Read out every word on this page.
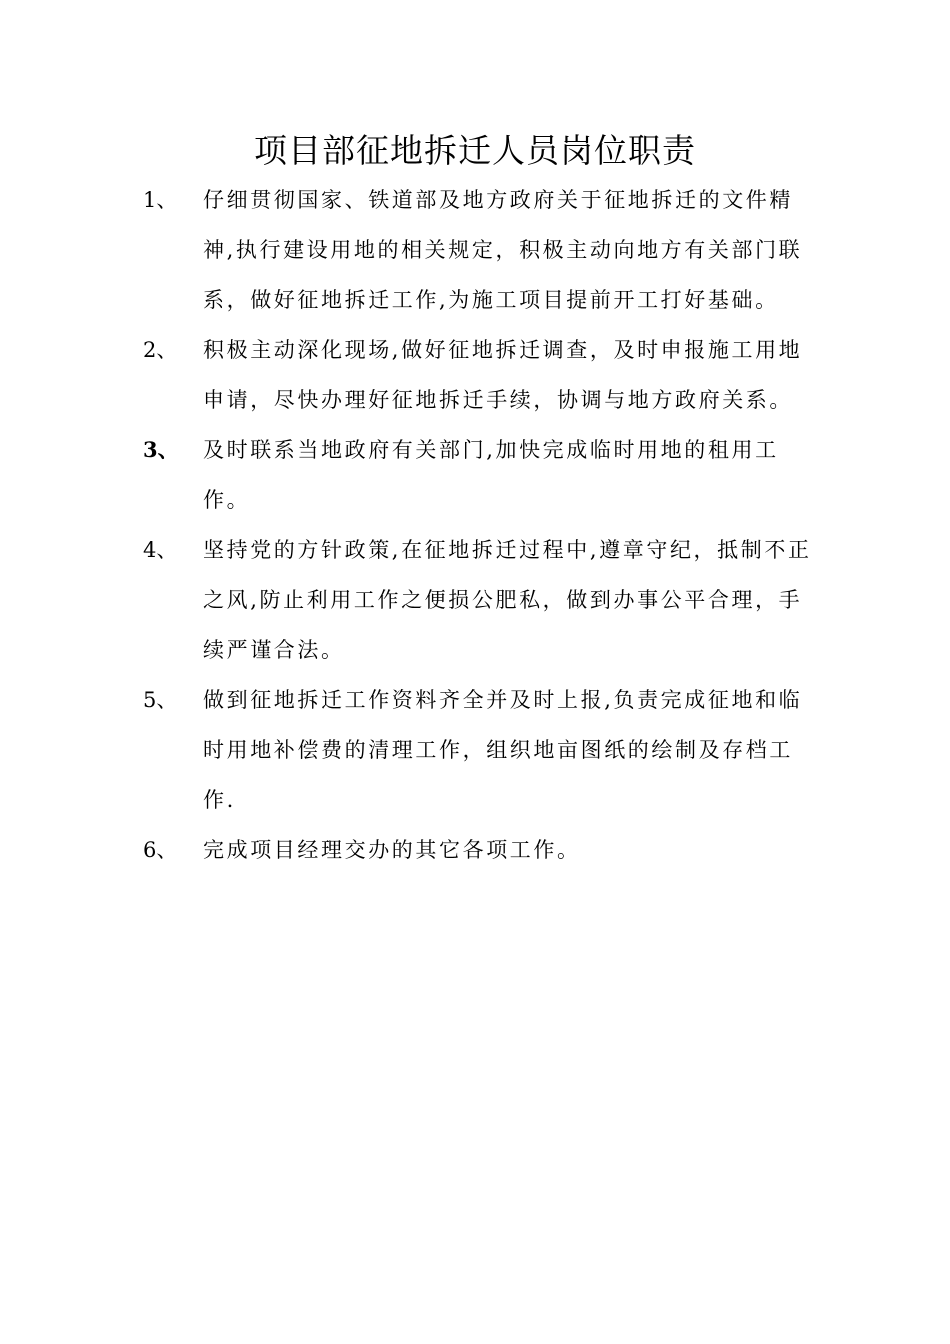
项目部征地拆迁人员岗位职责
1、	仔细贯彻国家、铁道部及地方政府关于征地拆迁的文件精神,执行建设用地的相关规定，积极主动向地方有关部门联系，做好征地拆迁工作,为施工项目提前开工打好基础。
2、	积极主动深化现场,做好征地拆迁调查，及时申报施工用地申请，尽快办理好征地拆迁手续，协调与地方政府关系。
3、	及时联系当地政府有关部门,加快完成临时用地的租用工作。
4、	坚持党的方针政策,在征地拆迁过程中,遵章守纪，抵制不正之风,防止利用工作之便损公肥私，做到办事公平合理，手续严谨合法。
5、	做到征地拆迁工作资料齐全并及时上报,负责完成征地和临时用地补偿费的清理工作，组织地亩图纸的绘制及存档工作.
6、	完成项目经理交办的其它各项工作。
